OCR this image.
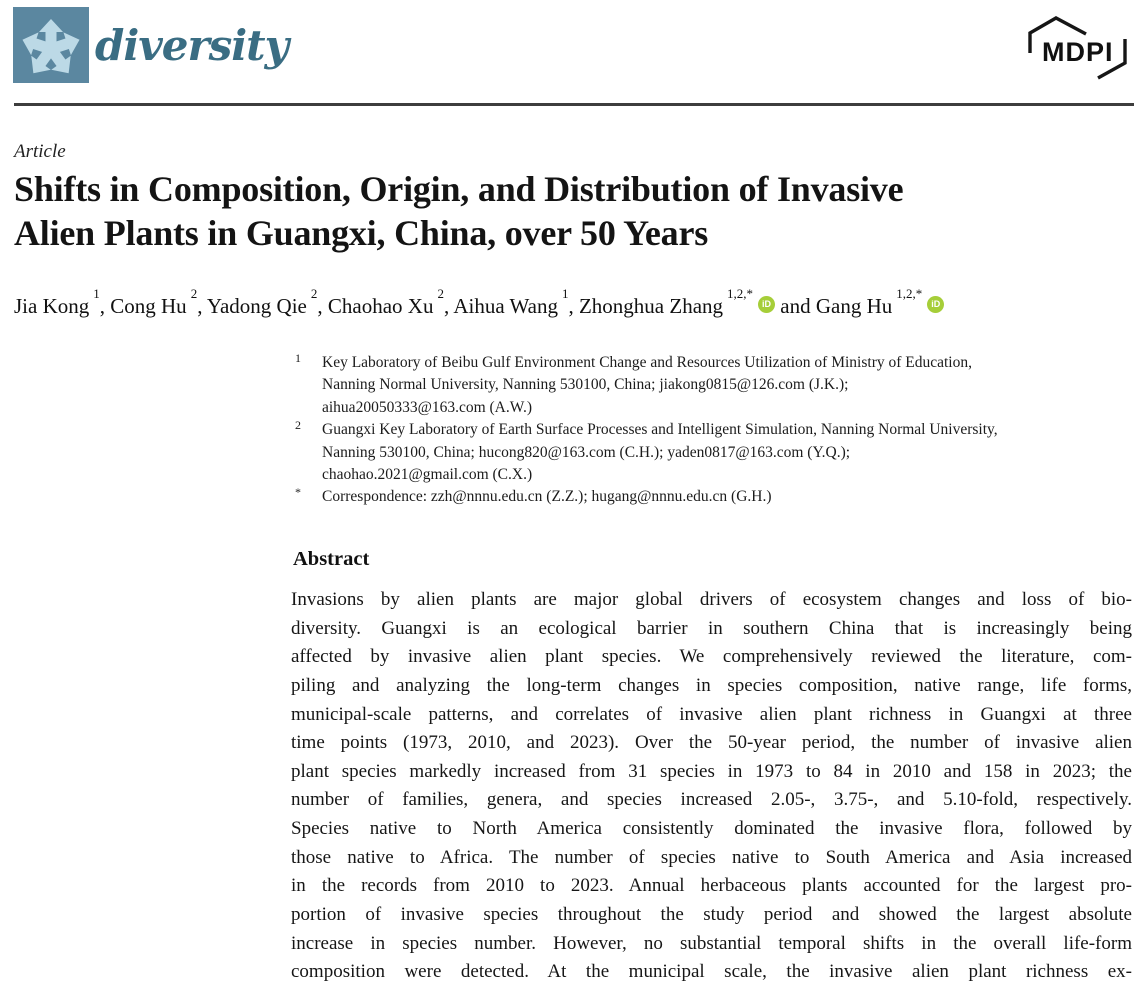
diversity	MDPI
Article
Shifts in Composition, Origin, and Distribution of Invasive
Alien Plants in Guangxi, China, over 50 Years
Jia Kong$^1$, Cong Hu$^2$, Yadong Qie$^2$, Chaohao Xu$^2$, Aihua Wang$^1$, Zhonghua Zhang$^{1,2,*}$iD and Gang $Hu^{1,2,*}iD$
1 Key Laboratory of Beibu Gulf Environment Change and Resources Utilization of Ministry of Education,
Nanning Normal University, Nanning 530100, China; jiakong0815@126.com (J.K.);
aihua20050333@163.com (A.W.)
2 Guangxi Key Laboratory of Earth Surface Processes and Intelligent Simulation, Nanning Normal University,
Nanning 530100, China; hucong820@163.com (C.H.); yaden0817@163.com (Y.Q.);
chaohao.2021@gmail.com (C.X.)
* Correspondence: zzh@nnnu.edu.cn (Z.Z.); hugang@nnnu.edu.cn (G.H.)
Abstract
Invasions by alien plants are major global drivers of ecosystem changes and loss of bio-
diversity. Guangxi is an ecological barrier in southern China that is increasingly being
affected by invasive alien plant species. We comprehensively reviewed the literature, com-
piling and analyzing the long-term changes in species composition, native range, life forms,
municipal-scale patterns, and correlates of invasive alien plant richness in Guangxi at three
time points (1973, 2010, and 2023). Over the 50-year period, the number of invasive alien
plant species markedly increased from 31 species in 1973 to 84 in 2010 and 158 in 2023; the
number of families, genera, and species increased 2.05-, 3.75-, and 5.10-fold, respectively.
Species native to North America consistently dominated the invasive flora, followed by
those native to Africa. The number of species native to South America and Asia increased
in the records from 2010 to 2023. Annual herbaceous plants accounted for the largest pro-
portion of invasive species throughout the study period and showed the largest absolute
increase in species number. However, no substantial temporal shifts in the overall life-form
composition were detected. At the municipal scale, the invasive alien plant richness ex-
